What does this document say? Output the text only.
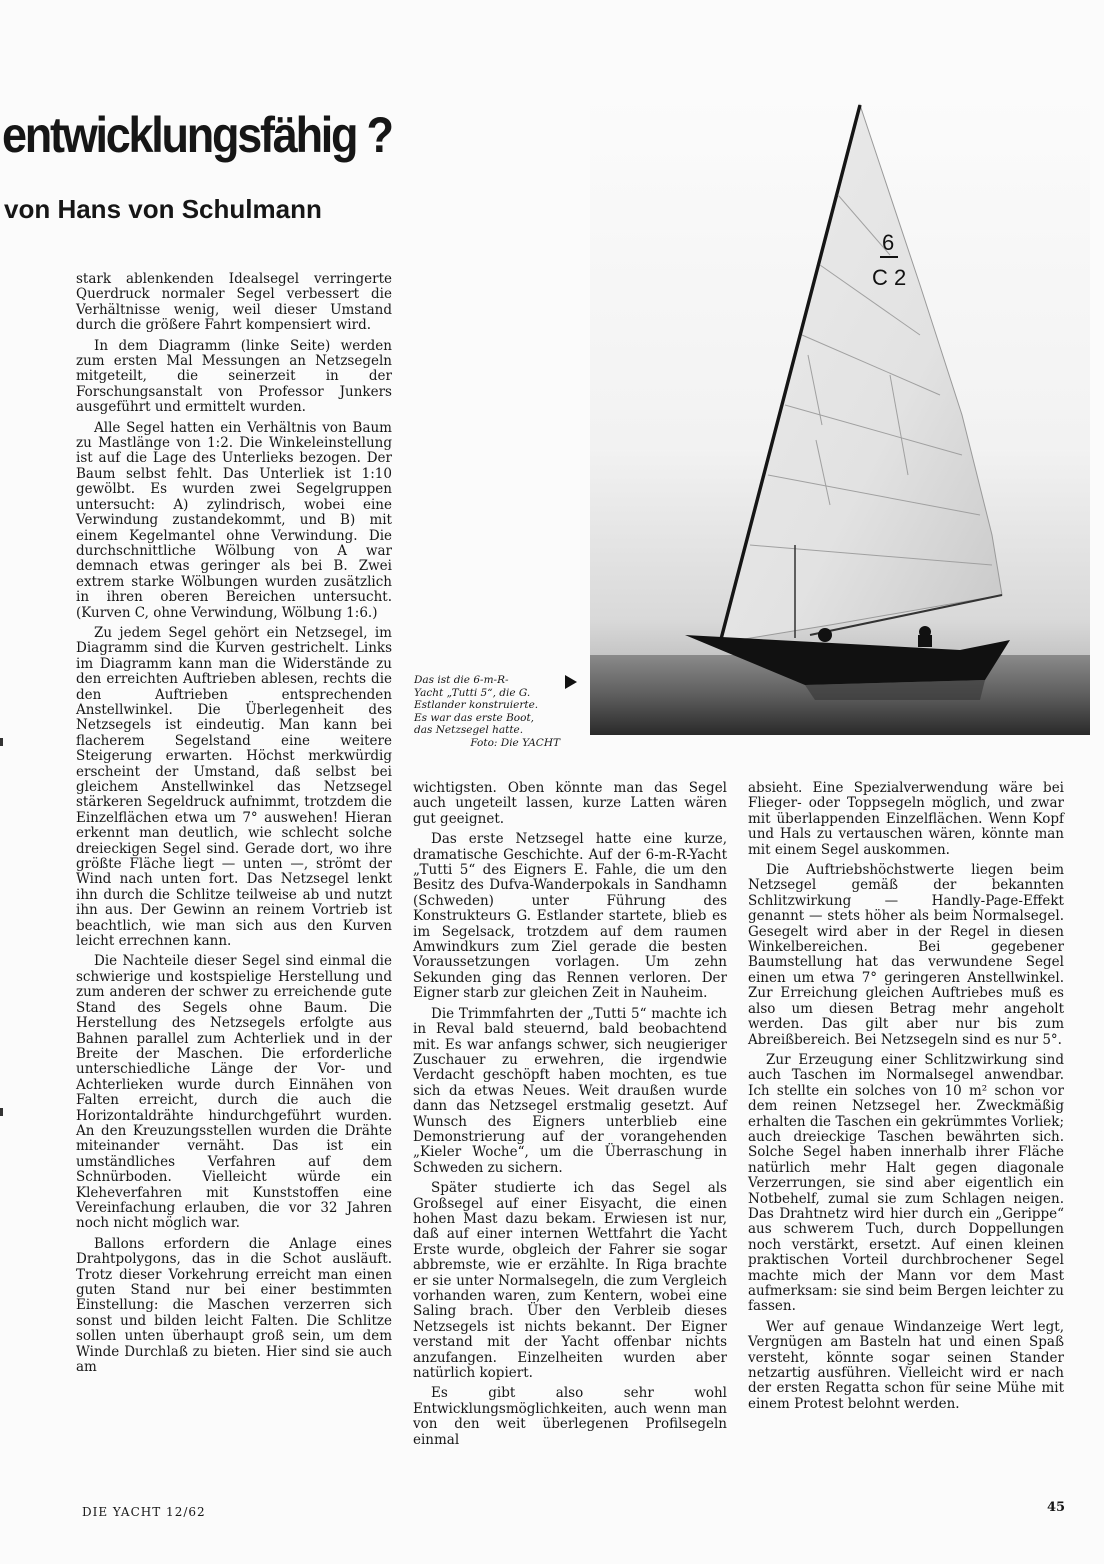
entwicklungsfähig ?
von Hans von Schulmann

stark ablenkenden Idealsegel verringerte Querdruck normaler Segel verbessert die Verhältnisse wenig, weil dieser Umstand durch die größere Fahrt kompensiert wird.

In dem Diagramm (linke Seite) werden zum ersten Mal Messungen an Netzsegeln mitgeteilt, die seinerzeit in der Forschungsanstalt von Professor Junkers ausgeführt und ermittelt wurden.

Alle Segel hatten ein Verhältnis von Baum zu Mastlänge von 1:2. Die Winkeleinstellung ist auf die Lage des Unterlieks bezogen. Der Baum selbst fehlt. Das Unterliek ist 1:10 gewölbt. Es wurden zwei Segelgruppen untersucht: A) zylindrisch, wobei eine Verwindung zustandekommt, und B) mit einem Kegelmantel ohne Verwindung. Die durchschnittliche Wölbung von A war demnach etwas geringer als bei B. Zwei extrem starke Wölbungen wurden zusätzlich in ihren oberen Bereichen untersucht. (Kurven C, ohne Verwindung, Wölbung 1:6.)

Zu jedem Segel gehört ein Netzsegel, im Diagramm sind die Kurven gestrichelt. Links im Diagramm kann man die Widerstände zu den erreichten Auftrieben ablesen, rechts die den Auftrieben entsprechenden Anstellwinkel. Die Überlegenheit des Netzsegels ist eindeutig. Man kann bei flacherem Segelstand eine weitere Steigerung erwarten. Höchst merkwürdig erscheint der Umstand, daß selbst bei gleichem Anstellwinkel das Netzsegel stärkeren Segeldruck aufnimmt, trotzdem die Einzelflächen etwa um 7° auswehen! Hieran erkennt man deutlich, wie schlecht solche dreieckigen Segel sind. Gerade dort, wo ihre größte Fläche liegt — unten —, strömt der Wind nach unten fort. Das Netzsegel lenkt ihn durch die Schlitze teilweise ab und nutzt ihn aus. Der Gewinn an reinem Vortrieb ist beachtlich, wie man sich aus den Kurven leicht errechnen kann.

Die Nachteile dieser Segel sind einmal die schwierige und kostspielige Herstellung und zum anderen der schwer zu erreichende gute Stand des Segels ohne Baum. Die Herstellung des Netzsegels erfolgte aus Bahnen parallel zum Achterliek und in der Breite der Maschen. Die erforderliche unterschiedliche Länge der Vor- und Achterlieken wurde durch Einnähen von Falten erreicht, durch die auch die Horizontaldrähte hindurchgeführt wurden. An den Kreuzungsstellen wurden die Drähte miteinander vernäht. Das ist ein umständliches Verfahren auf dem Schnürboden. Vielleicht würde ein Kleheverfahren mit Kunststoffen eine Vereinfachung erlauben, die vor 32 Jahren noch nicht möglich war.

Ballons erfordern die Anlage eines Drahtpolygons, das in die Schot ausläuft. Trotz dieser Vorkehrung erreicht man einen guten Stand nur bei einer bestimmten Einstellung: die Maschen verzerren sich sonst und bilden leicht Falten. Die Schlitze sollen unten überhaupt groß sein, um dem Winde Durchlaß zu bieten. Hier sind sie auch am

6
C 2
Das ist die 6-m-R-
Yacht „Tutti 5“, die G.
Estlander konstruierte.
Es war das erste Boot,
das Netzsegel hatte.
Foto: Die YACHT

wichtigsten. Oben könnte man das Segel auch ungeteilt lassen, kurze Latten wären gut geeignet.

Das erste Netzsegel hatte eine kurze, dramatische Geschichte. Auf der 6-m-R-Yacht „Tutti 5“ des Eigners E. Fahle, die um den Besitz des Dufva-Wanderpokals in Sandhamn (Schweden) unter Führung des Konstrukteurs G. Estlander startete, blieb es im Segelsack, trotzdem auf dem raumen Amwindkurs zum Ziel gerade die besten Voraussetzungen vorlagen. Um zehn Sekunden ging das Rennen verloren. Der Eigner starb zur gleichen Zeit in Nauheim.

Die Trimmfahrten der „Tutti 5“ machte ich in Reval bald steuernd, bald beobachtend mit. Es war anfangs schwer, sich neugieriger Zuschauer zu erwehren, die irgendwie Verdacht geschöpft haben mochten, es tue sich da etwas Neues. Weit draußen wurde dann das Netzsegel erstmalig gesetzt. Auf Wunsch des Eigners unterblieb eine Demonstrierung auf der vorangehenden „Kieler Woche“, um die Überraschung in Schweden zu sichern.

Später studierte ich das Segel als Großsegel auf einer Eisyacht, die einen hohen Mast dazu bekam. Erwiesen ist nur, daß auf einer internen Wettfahrt die Yacht Erste wurde, obgleich der Fahrer sie sogar abbremste, wie er erzählte. In Riga brachte er sie unter Normalsegeln, die zum Vergleich vorhanden waren, zum Kentern, wobei eine Saling brach. Über den Verbleib dieses Netzsegels ist nichts bekannt. Der Eigner verstand mit der Yacht offenbar nichts anzufangen. Einzelheiten wurden aber natürlich kopiert.

Es gibt also sehr wohl Entwicklungsmöglichkeiten, auch wenn man von den weit überlegenen Profilsegeln einmal

absieht. Eine Spezialverwendung wäre bei Flieger- oder Toppsegeln möglich, und zwar mit überlappenden Einzelflächen. Wenn Kopf und Hals zu vertauschen wären, könnte man mit einem Segel auskommen.

Die Auftriebshöchstwerte liegen beim Netzsegel gemäß der bekannten Schlitzwirkung — Handly-Page-Effekt genannt — stets höher als beim Normalsegel. Gesegelt wird aber in der Regel in diesen Winkelbereichen. Bei gegebener Baumstellung hat das verwundene Segel einen um etwa 7° geringeren Anstellwinkel. Zur Erreichung gleichen Auftriebes muß es also um diesen Betrag mehr angeholt werden. Das gilt aber nur bis zum Abreißbereich. Bei Netzsegeln sind es nur 5°.

Zur Erzeugung einer Schlitzwirkung sind auch Taschen im Normalsegel anwendbar. Ich stellte ein solches von 10 m² schon vor dem reinen Netzsegel her. Zweckmäßig erhalten die Taschen ein gekrümmtes Vorliek; auch dreieckige Taschen bewährten sich. Solche Segel haben innerhalb ihrer Fläche natürlich mehr Halt gegen diagonale Verzerrungen, sie sind aber eigentlich ein Notbehelf, zumal sie zum Schlagen neigen. Das Drahtnetz wird hier durch ein „Gerippe“ aus schwerem Tuch, durch Doppellungen noch verstärkt, ersetzt. Auf einen kleinen praktischen Vorteil durchbrochener Segel machte mich der Mann vor dem Mast aufmerksam: sie sind beim Bergen leichter zu fassen.

Wer auf genaue Windanzeige Wert legt, Vergnügen am Basteln hat und einen Spaß versteht, könnte sogar seinen Stander netzartig ausführen. Vielleicht wird er nach der ersten Regatta schon für seine Mühe mit einem Protest belohnt werden.

DIE YACHT 12/62	45
